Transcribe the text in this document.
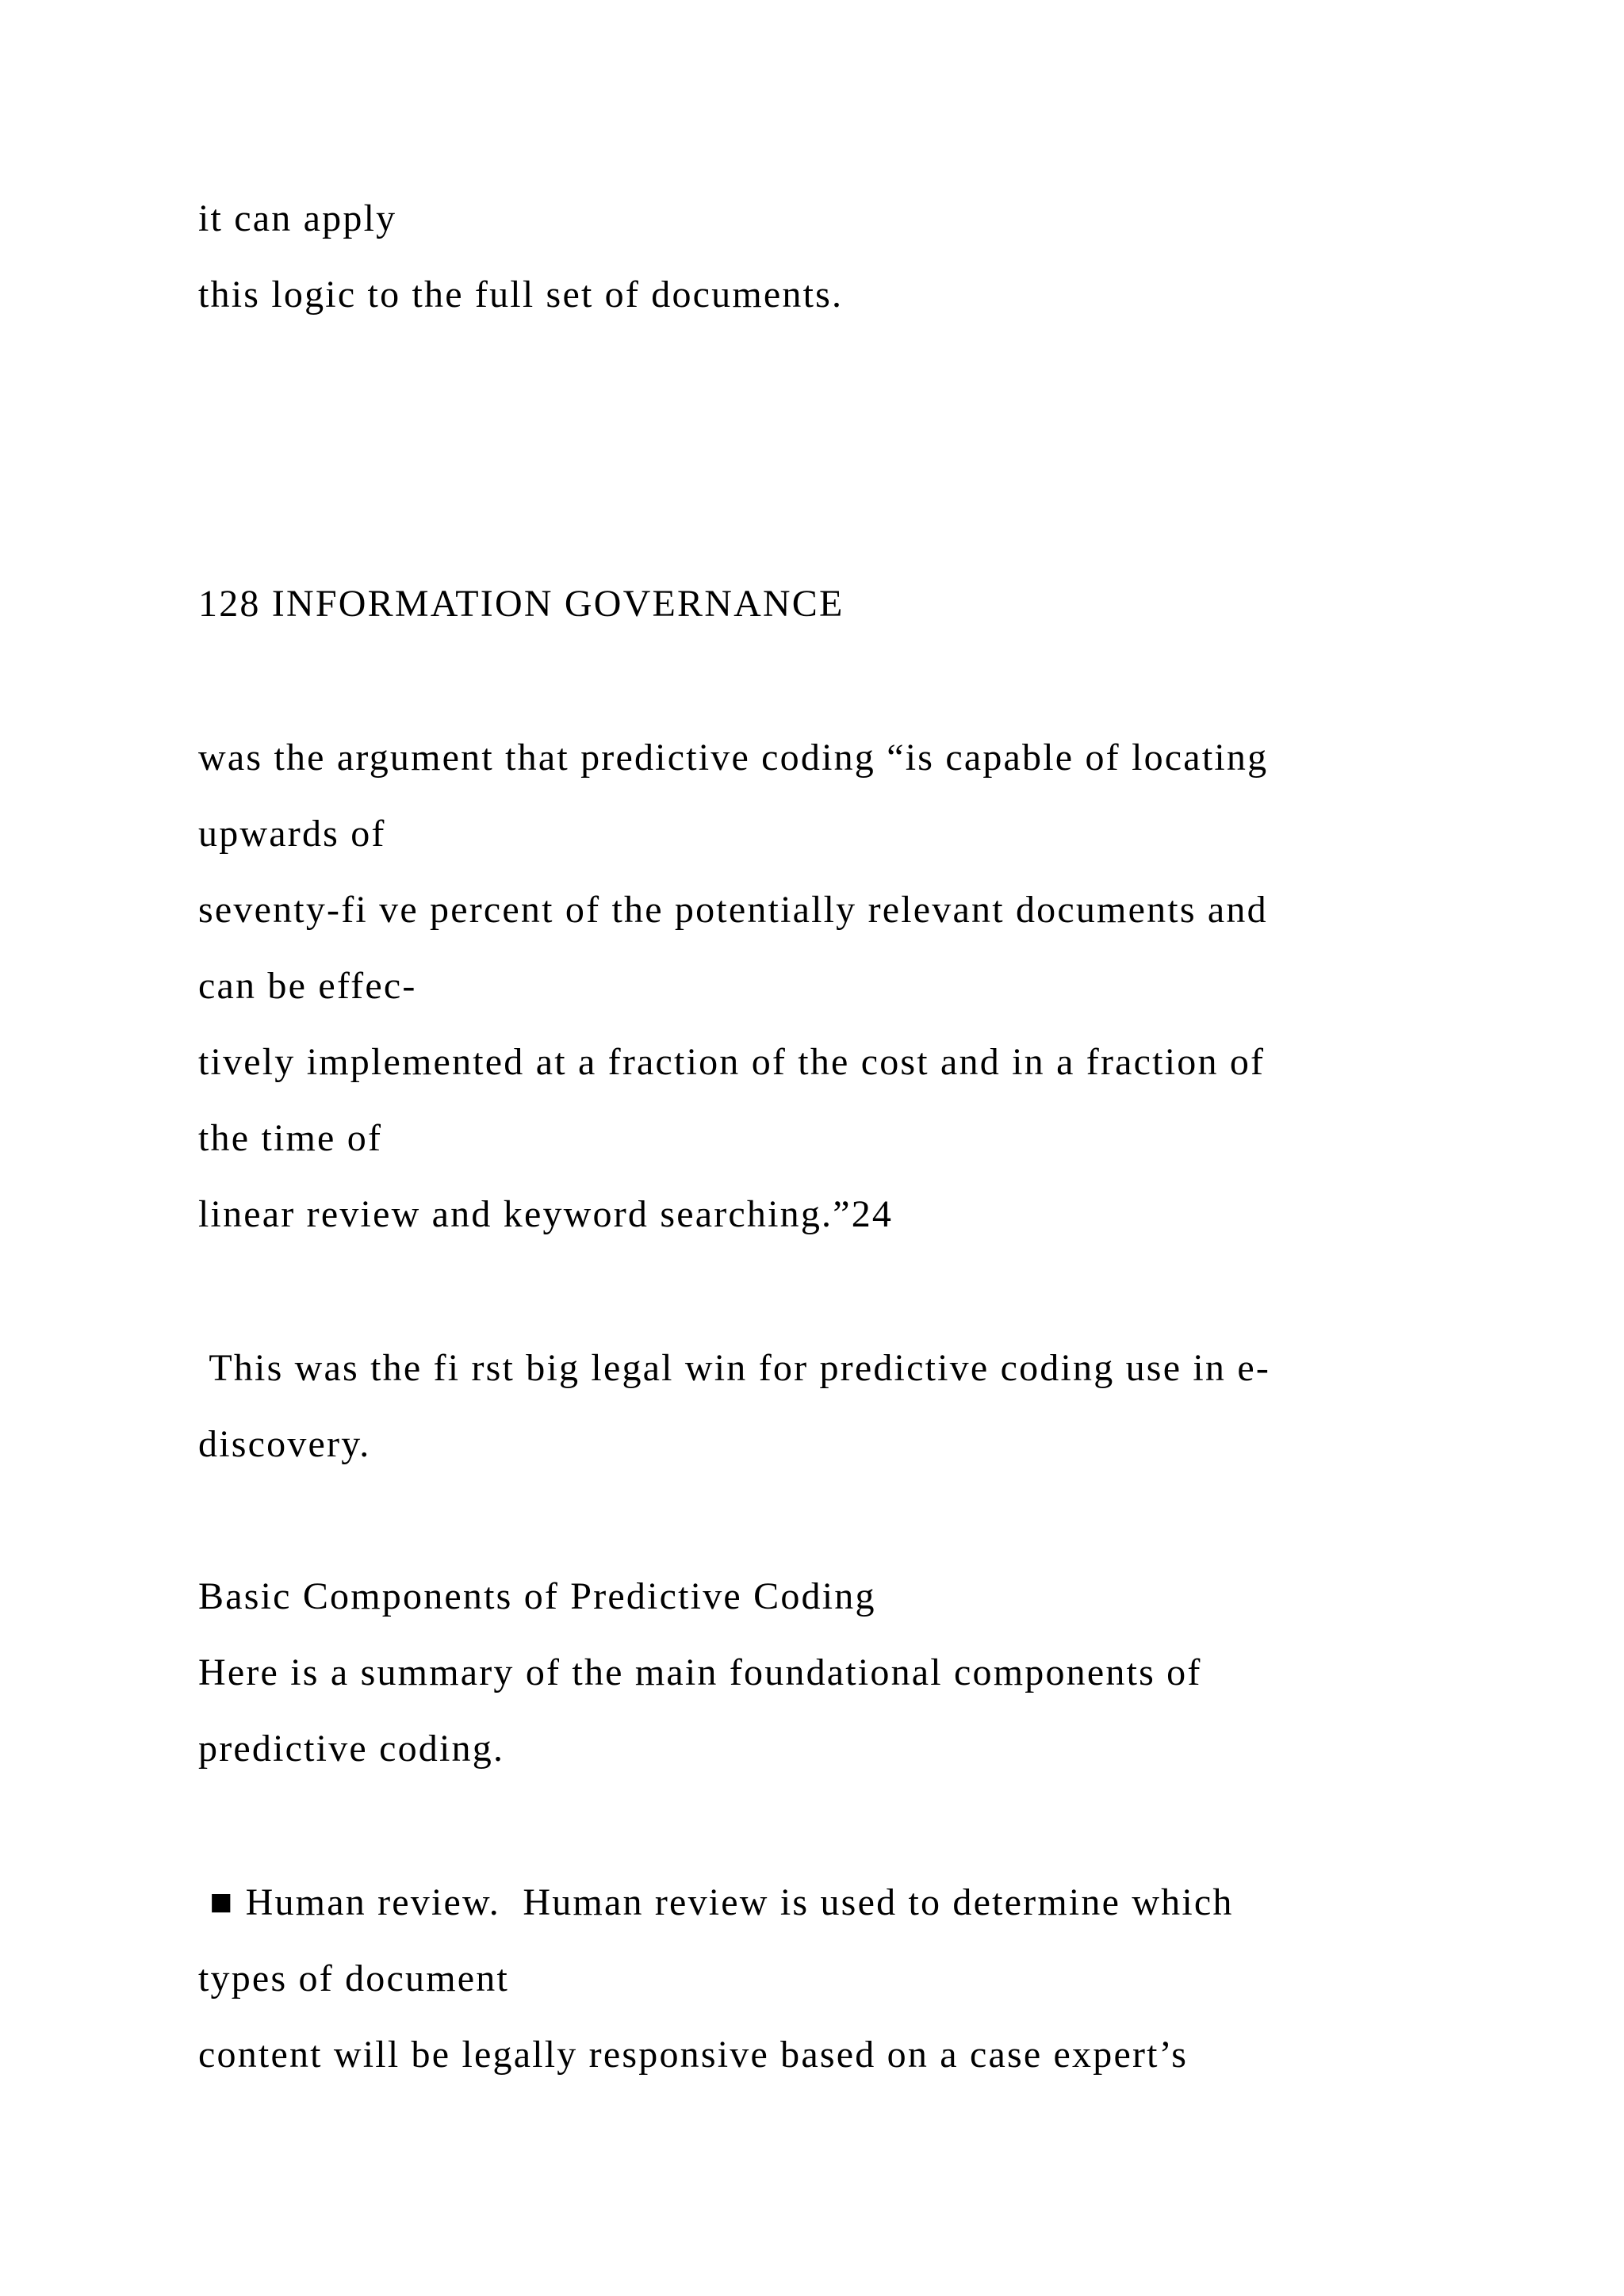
it can apply
this logic to the full set of documents.
128 INFORMATION GOVERNANCE
was the argument that predictive coding “is capable of locating
upwards of
seventy-fi ve percent of the potentially relevant documents and
can be effec-
tively implemented at a fraction of the cost and in a fraction of
the time of
linear review and keyword searching.”24
This was the fi rst big legal win for predictive coding use in e-
discovery.
Basic Components of Predictive Coding
Here is a summary of the main foundational components of
predictive coding.
■ Human review.  Human review is used to determine which
types of document
content will be legally responsive based on a case expert’s
